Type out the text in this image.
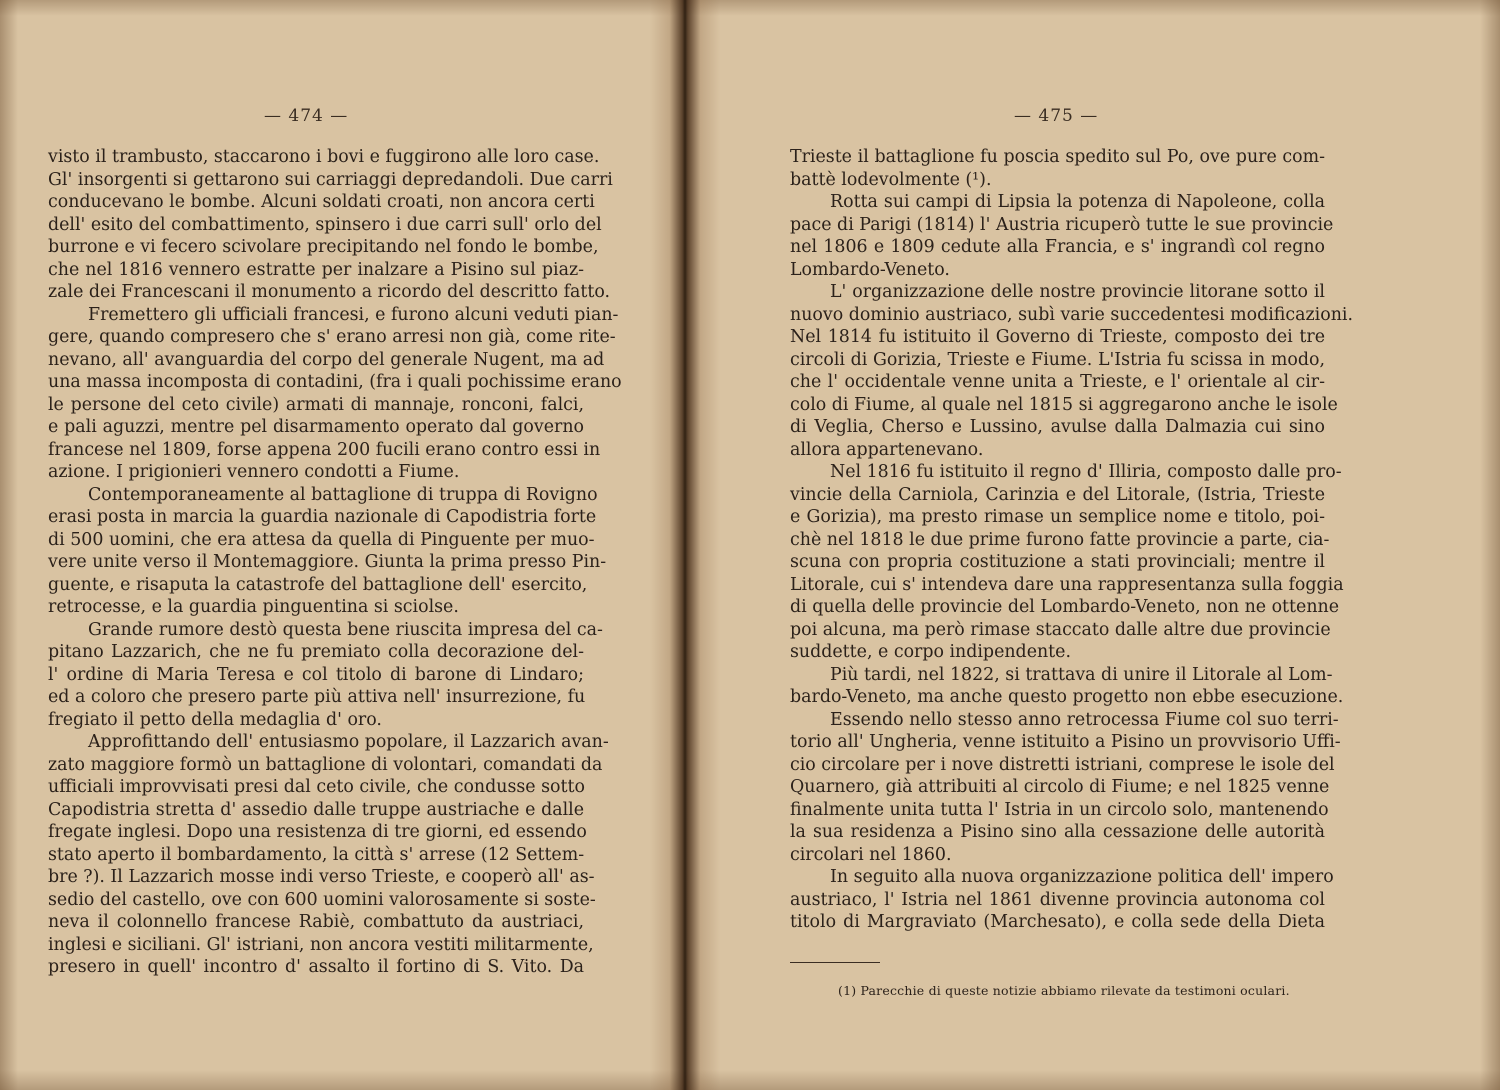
— 474 —
visto il trambusto, staccarono i bovi e fuggirono alle loro case.
Gl' insorgenti si gettarono sui carriaggi depredandoli. Due carri
conducevano le bombe. Alcuni soldati croati, non ancora certi
dell' esito del combattimento, spinsero i due carri sull' orlo del
burrone e vi fecero scivolare precipitando nel fondo le bombe,
che nel 1816 vennero estratte per inalzare a Pisino sul piaz-
zale dei Francescani il monumento a ricordo del descritto fatto.
Fremettero gli ufficiali francesi, e furono alcuni veduti pian-
gere, quando compresero che s' erano arresi non già, come rite-
nevano, all' avanguardia del corpo del generale Nugent, ma ad
una massa incomposta di contadini, (fra i quali pochissime erano
le persone del ceto civile) armati di mannaje, ronconi, falci,
e pali aguzzi, mentre pel disarmamento operato dal governo
francese nel 1809, forse appena 200 fucili erano contro essi in
azione. I prigionieri vennero condotti a Fiume.
Contemporaneamente al battaglione di truppa di Rovigno
erasi posta in marcia la guardia nazionale di Capodistria forte
di 500 uomini, che era attesa da quella di Pinguente per muo-
vere unite verso il Montemaggiore. Giunta la prima presso Pin-
guente, e risaputa la catastrofe del battaglione dell' esercito,
retrocesse, e la guardia pinguentina si sciolse.
Grande rumore destò questa bene riuscita impresa del ca-
pitano Lazzarich, che ne fu premiato colla decorazione del-
l' ordine di Maria Teresa e col titolo di barone di Lindaro;
ed a coloro che presero parte più attiva nell' insurrezione, fu
fregiato il petto della medaglia d' oro.
Approfittando dell' entusiasmo popolare, il Lazzarich avan-
zato maggiore formò un battaglione di volontari, comandati da
ufficiali improvvisati presi dal ceto civile, che condusse sotto
Capodistria stretta d' assedio dalle truppe austriache e dalle
fregate inglesi. Dopo una resistenza di tre giorni, ed essendo
stato aperto il bombardamento, la città s' arrese (12 Settem-
bre ?). Il Lazzarich mosse indi verso Trieste, e cooperò all' as-
sedio del castello, ove con 600 uomini valorosamente si soste-
neva il colonnello francese Rabiè, combattuto da austriaci,
inglesi e siciliani. Gl' istriani, non ancora vestiti militarmente,
presero in quell' incontro d' assalto il fortino di S. Vito. Da
— 475 —
Trieste il battaglione fu poscia spedito sul Po, ove pure com-
battè lodevolmente (¹).
Rotta sui campi di Lipsia la potenza di Napoleone, colla
pace di Parigi (1814) l' Austria ricuperò tutte le sue provincie
nel 1806 e 1809 cedute alla Francia, e s' ingrandì col regno
Lombardo-Veneto.
L' organizzazione delle nostre provincie litorane sotto il
nuovo dominio austriaco, subì varie succedentesi modificazioni.
Nel 1814 fu istituito il Governo di Trieste, composto dei tre
circoli di Gorizia, Trieste e Fiume. L'Istria fu scissa in modo,
che l' occidentale venne unita a Trieste, e l' orientale al cir-
colo di Fiume, al quale nel 1815 si aggregarono anche le isole
di Veglia, Cherso e Lussino, avulse dalla Dalmazia cui sino
allora appartenevano.
Nel 1816 fu istituito il regno d' Illiria, composto dalle pro-
vincie della Carniola, Carinzia e del Litorale, (Istria, Trieste
e Gorizia), ma presto rimase un semplice nome e titolo, poi-
chè nel 1818 le due prime furono fatte provincie a parte, cia-
scuna con propria costituzione a stati provinciali; mentre il
Litorale, cui s' intendeva dare una rappresentanza sulla foggia
di quella delle provincie del Lombardo-Veneto, non ne ottenne
poi alcuna, ma però rimase staccato dalle altre due provincie
suddette, e corpo indipendente.
Più tardi, nel 1822, si trattava di unire il Litorale al Lom-
bardo-Veneto, ma anche questo progetto non ebbe esecuzione.
Essendo nello stesso anno retrocessa Fiume col suo terri-
torio all' Ungheria, venne istituito a Pisino un provvisorio Uffi-
cio circolare per i nove distretti istriani, comprese le isole del
Quarnero, già attribuiti al circolo di Fiume; e nel 1825 venne
finalmente unita tutta l' Istria in un circolo solo, mantenendo
la sua residenza a Pisino sino alla cessazione delle autorità
circolari nel 1860.
In seguito alla nuova organizzazione politica dell' impero
austriaco, l' Istria nel 1861 divenne provincia autonoma col
titolo di Margraviato (Marchesato), e colla sede della Dieta
(1) Parecchie di queste notizie abbiamo rilevate da testimoni oculari.
